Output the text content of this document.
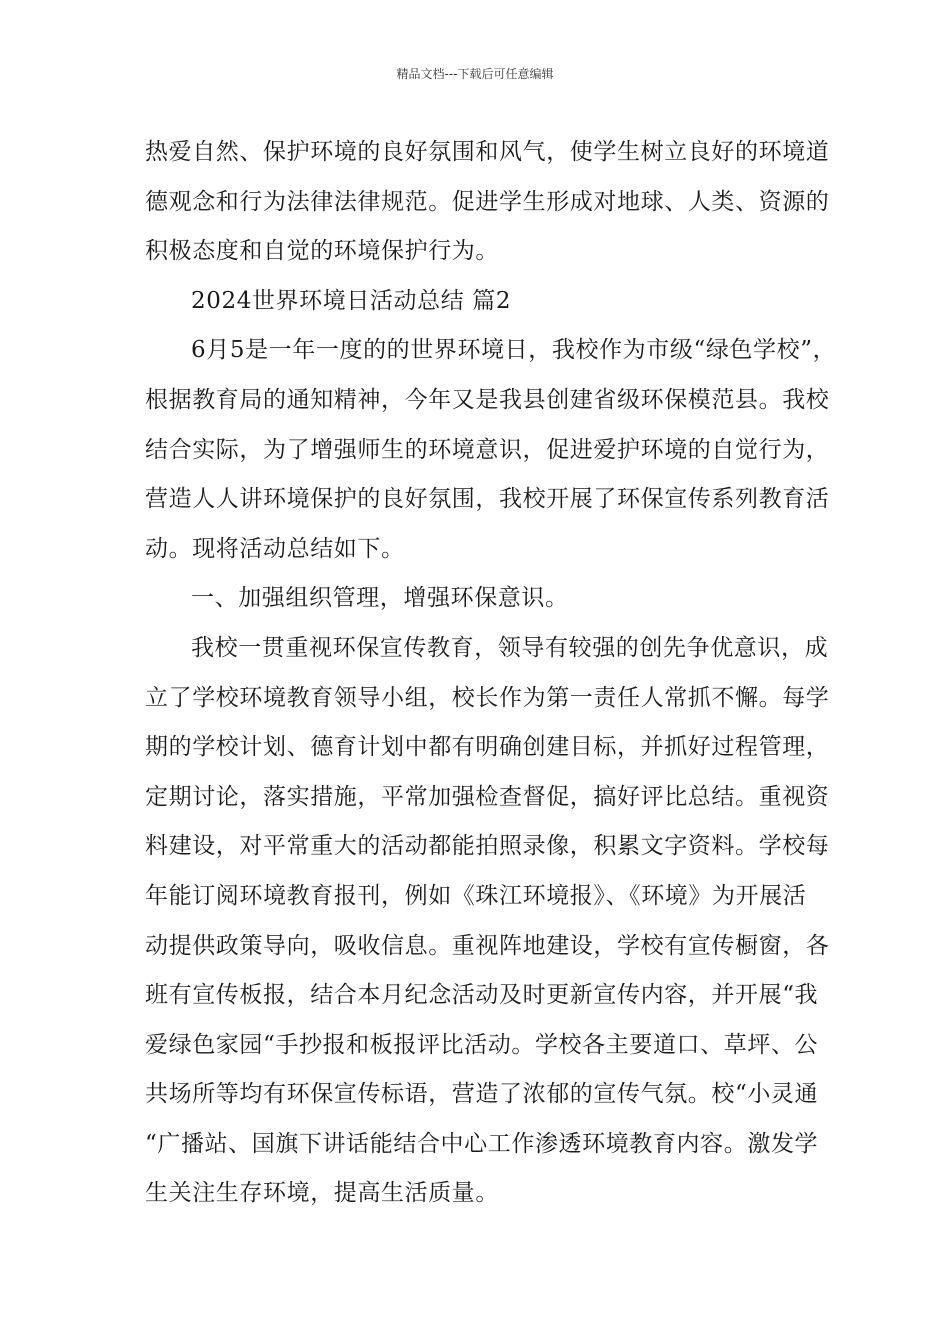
精品文档---下载后可任意编辑
热爱自然、保护环境的良好氛围和风气，使学生树立良好的环境道
德观念和行为法律法律规范。促进学生形成对地球、人类、资源的
积极态度和自觉的环境保护行为。
2024世界环境日活动总结 篇2
6月5是一年一度的的世界环境日，我校作为市级“绿色学校”，
根据教育局的通知精神，今年又是我县创建省级环保模范县。我校
结合实际，为了增强师生的环境意识，促进爱护环境的自觉行为，
营造人人讲环境保护的良好氛围，我校开展了环保宣传系列教育活
动。现将活动总结如下。
一、加强组织管理，增强环保意识。
我校一贯重视环保宣传教育，领导有较强的创先争优意识，成
立了学校环境教育领导小组，校长作为第一责任人常抓不懈。每学
期的学校计划、德育计划中都有明确创建目标，并抓好过程管理，
定期讨论，落实措施，平常加强检查督促，搞好评比总结。重视资
料建设，对平常重大的活动都能拍照录像，积累文字资料。学校每
年能订阅环境教育报刊，例如《珠江环境报》、《环境》为开展活
动提供政策导向，吸收信息。重视阵地建设，学校有宣传橱窗，各
班有宣传板报，结合本月纪念活动及时更新宣传内容，并开展“我
爱绿色家园“手抄报和板报评比活动。学校各主要道口、草坪、公
共场所等均有环保宣传标语，营造了浓郁的宣传气氛。校“小灵通
“广播站、国旗下讲话能结合中心工作渗透环境教育内容。激发学
生关注生存环境，提高生活质量。
